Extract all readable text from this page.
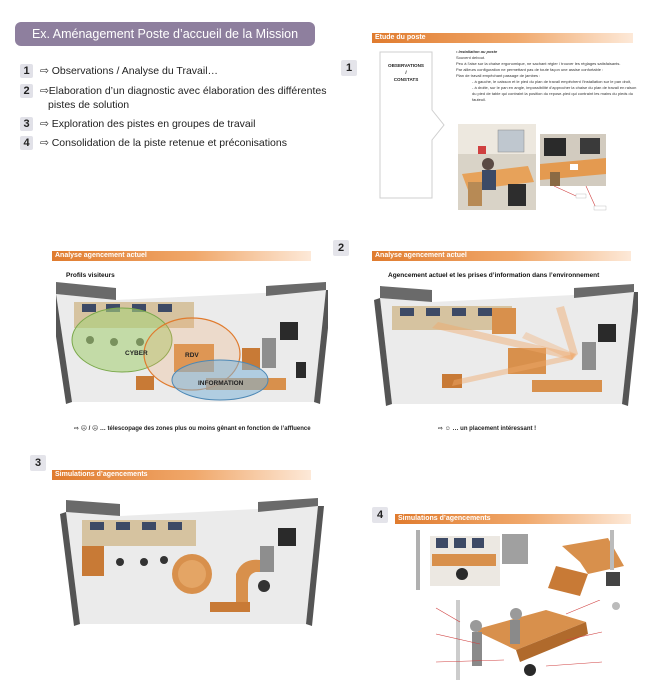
Ex. Aménagement Poste d’accueil de la Mission Locale
1 ⇨ Observations / Analyse du Travail…
2 ⇨Elaboration d’un diagnostic avec élaboration des différentes
pistes de solution
3 ⇨ Exploration des pistes en groupes de travail
4 ⇨ Consolidation de la piste retenue et préconisations
1
Etude du poste
OBSERVATIONS
/
CONSTATS
• Installation au poste
Souvent debout.
Peu à l’aise sur la chaise ergonomique, ne sachant régler / trouver les réglages satisfaisants.
Par ailleurs configuration ne permettant pas de toute façon une assise confortable :
Plan de travail empêchant passage de jambes :
- à gauche, le caisson et le pied du plan de travail empêchent l’installation sur le pan droit,
- à droite, sur le pan en angle, impossibilité d’approcher la chaise du plan de travail en raison
du pied de table qui contraint la position du repose-pied qui contraint les mains du pieds du
fauteuil.
2
Analyse agencement actuel
Profils visiteurs
CYBER	RDV
INFORMATION
⇨ ☹ / ☹ … télescopage des zones plus ou moins gênant en fonction de l’affluence
Analyse agencement actuel
Agencement actuel et les prises d’information dans l’environnement
⇨ ☺ … un placement intéressant !
3
Simulations d’agencements
4	Simulations d’agencements
